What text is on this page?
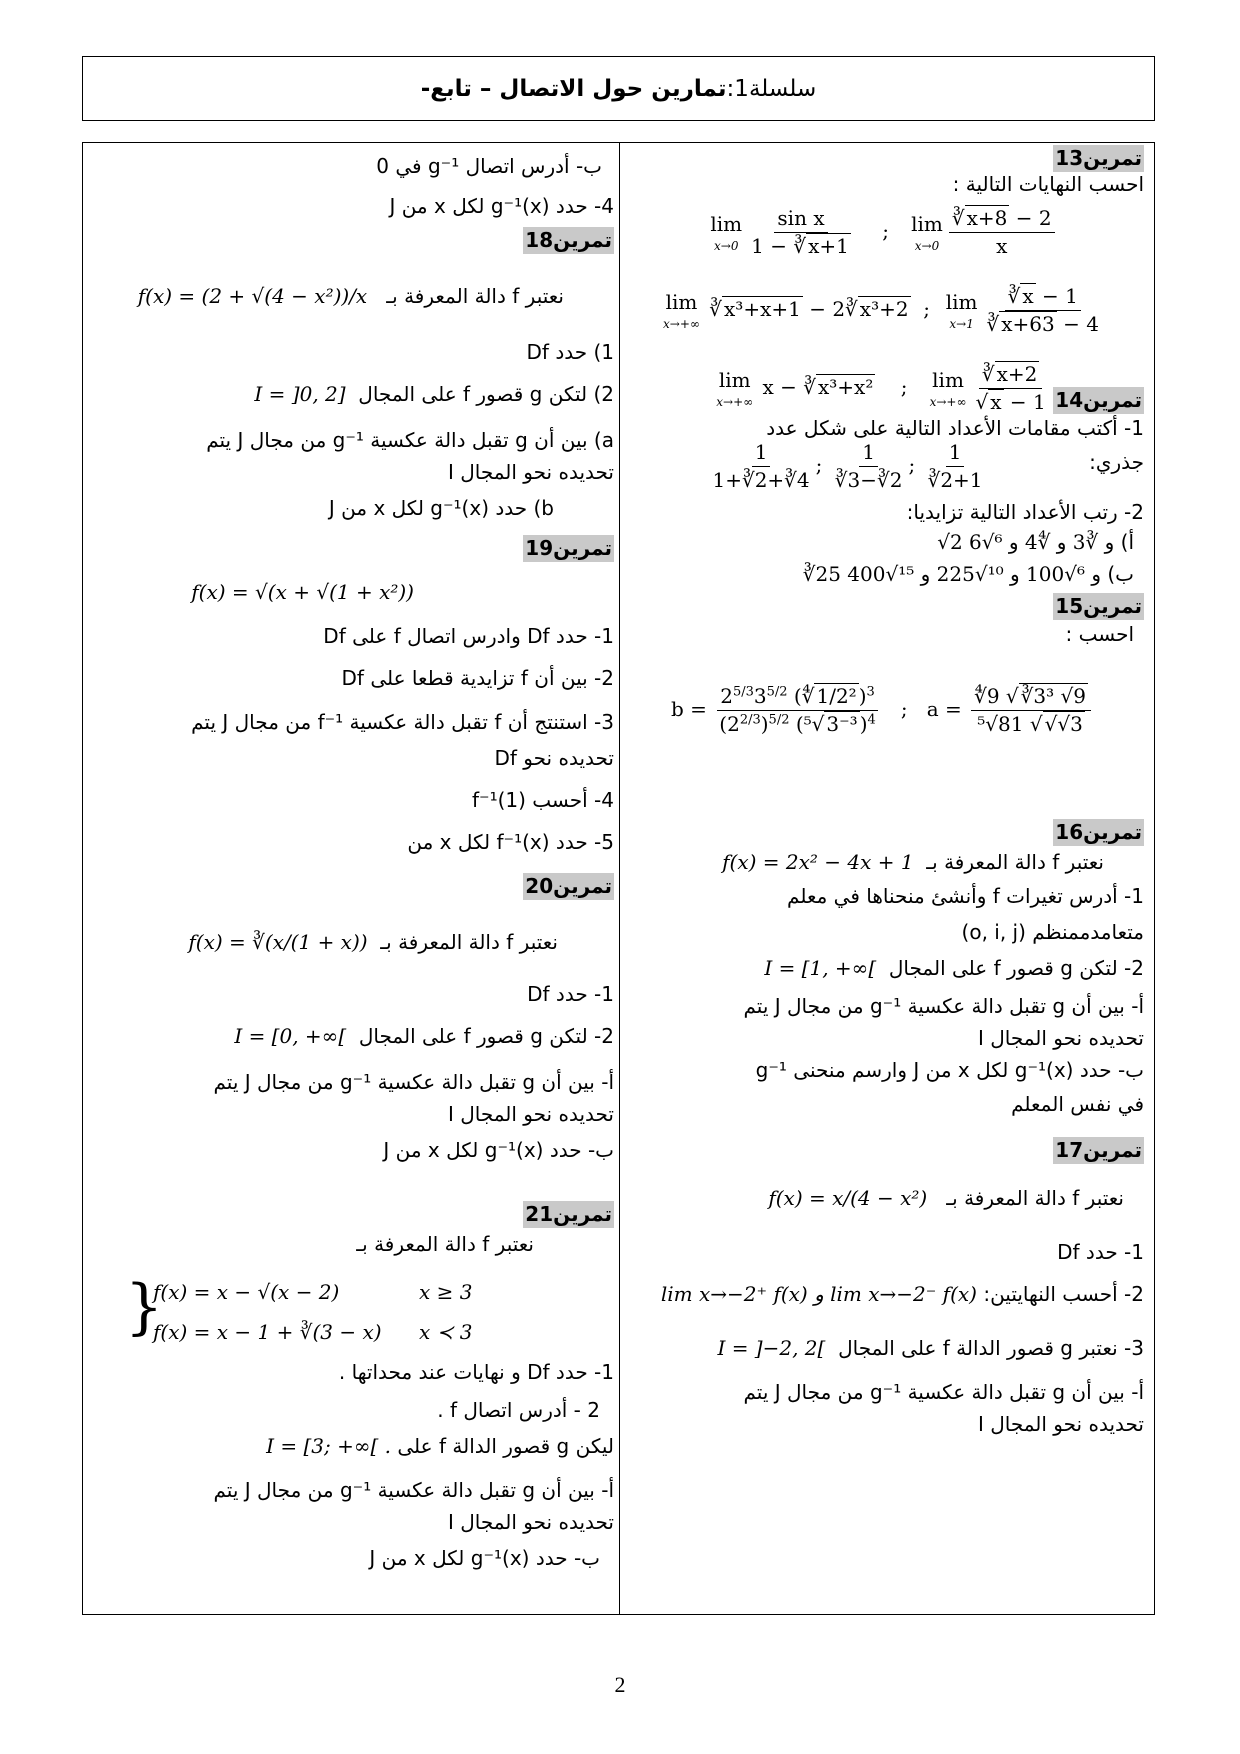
سلسلة1:
تمارين حول الاتصال – تابع-
تمرين13
احسب النهايات التالية :
lim
$x\to 0 \frac{\text{sin x}}{1 - ∛ x+1}$ ; lim
$x\to 0 \frac{∛ x+8 - 2}{x}$
lim
x→+∞
∛ x³+x+1 − 2∛ x³+2  ; lim
$x\to 1 \frac{∛ x - 1}{∛ x+63 - 4}$
lim
x→+∞
x − ∛ x³+x²    ; lim
$x\to+\infty \frac{∛ x+2}{√ x - 1}$ تمرين14
1- أكتب مقامات الأعداد التالية على شكل عدد
جذري:
$\frac{1}{1+∛2+∛4}$ ; $\frac{1}{∛3-∛2}$ ; $\frac{1}{∛2+1}$
2- رتب الأعداد التالية تزايديا:
أ) √2 و ∛3 و ∜4 و ⁶√6
ب) ∛25 و ⁶√100 و ¹⁰√225 و ¹⁵√400
تمرين15
احسب :
$b = \frac{2^{5/3}3^{5/2} (∜ 1/2^2 )^3}{(2^{2/3})^{5/2} (^5√ 3^{-3} )^4}$ ;   $a = \frac{\text{∜9 √ ∛3³ √9}}{\text{⁵√81 √ √√3}}$
تمرين16
نعتبر f دالة المعرفة بـ  f(x) = 2x² − 4x + 1
1- أدرس تغيرات f وأنشئ منحناها في معلم
متعامدممنظم (o, i, j)
2- لتكن g قصور f على المجال  I = [1, +∞[
أ- بين أن g تقبل دالة عكسية g⁻¹ من مجال J يتم
تحديده نحو المجال I
ب- حدد g⁻¹(x) لكل x من J وارسم منحنى g⁻¹
في نفس المعلم
تمرين17
نعتبر f دالة المعرفة بـ   f(x) = x/(4 − x²)
1- حدد Df
2- أحسب النهايتين: lim x→−2⁺ f(x) و lim x→−2⁻ f(x)
3- نعتبر g قصور الدالة f على المجال  I = ]−2, 2[
أ- بين أن g تقبل دالة عكسية g⁻¹ من مجال J يتم
تحديده نحو المجال I
ب- أدرس اتصال g⁻¹ في 0
4- حدد g⁻¹(x) لكل x من J
تمرين18
نعتبر f دالة المعرفة بـ   f(x) = (2 + √(4 − x²))/x
1) حدد Df
2) لتكن g قصور f على المجال  I = ]0, 2]
a) بين أن g تقبل دالة عكسية g⁻¹ من مجال J يتم
تحديده نحو المجال I
b) حدد g⁻¹(x) لكل x من J
تمرين19
f(x) = √(x + √(1 + x²))
1- حدد Df وادرس اتصال f على Df
2- بين أن f تزايدية قطعا على Df
3- استنتج أن f تقبل دالة عكسية f⁻¹ من مجال J يتم
تحديده نحو Df
4- أحسب f⁻¹(1)
5- حدد f⁻¹(x) لكل x من
تمرين20
نعتبر f دالة المعرفة بـ  f(x) = ∛(x/(1 + x))
1- حدد Df
2- لتكن g قصور f على المجال  I = [0, +∞[
أ- بين أن g تقبل دالة عكسية g⁻¹ من مجال J يتم
تحديده نحو المجال I
ب- حدد g⁻¹(x) لكل x من J
تمرين21
نعتبر f دالة المعرفة بـ
{
f(x) = x − √(x − 2)	x ≥ 3
f(x) = x − 1 + ∛(3 − x) x ≺ 3
1- حدد Df و نهايات عند محداتها .
2 - أدرس اتصال f .
ليكن g قصور الدالة f على I = [3; +∞[ .
أ- بين أن g تقبل دالة عكسية g⁻¹ من مجال J يتم
تحديده نحو المجال I
ب- حدد g⁻¹(x) لكل x من J
2
